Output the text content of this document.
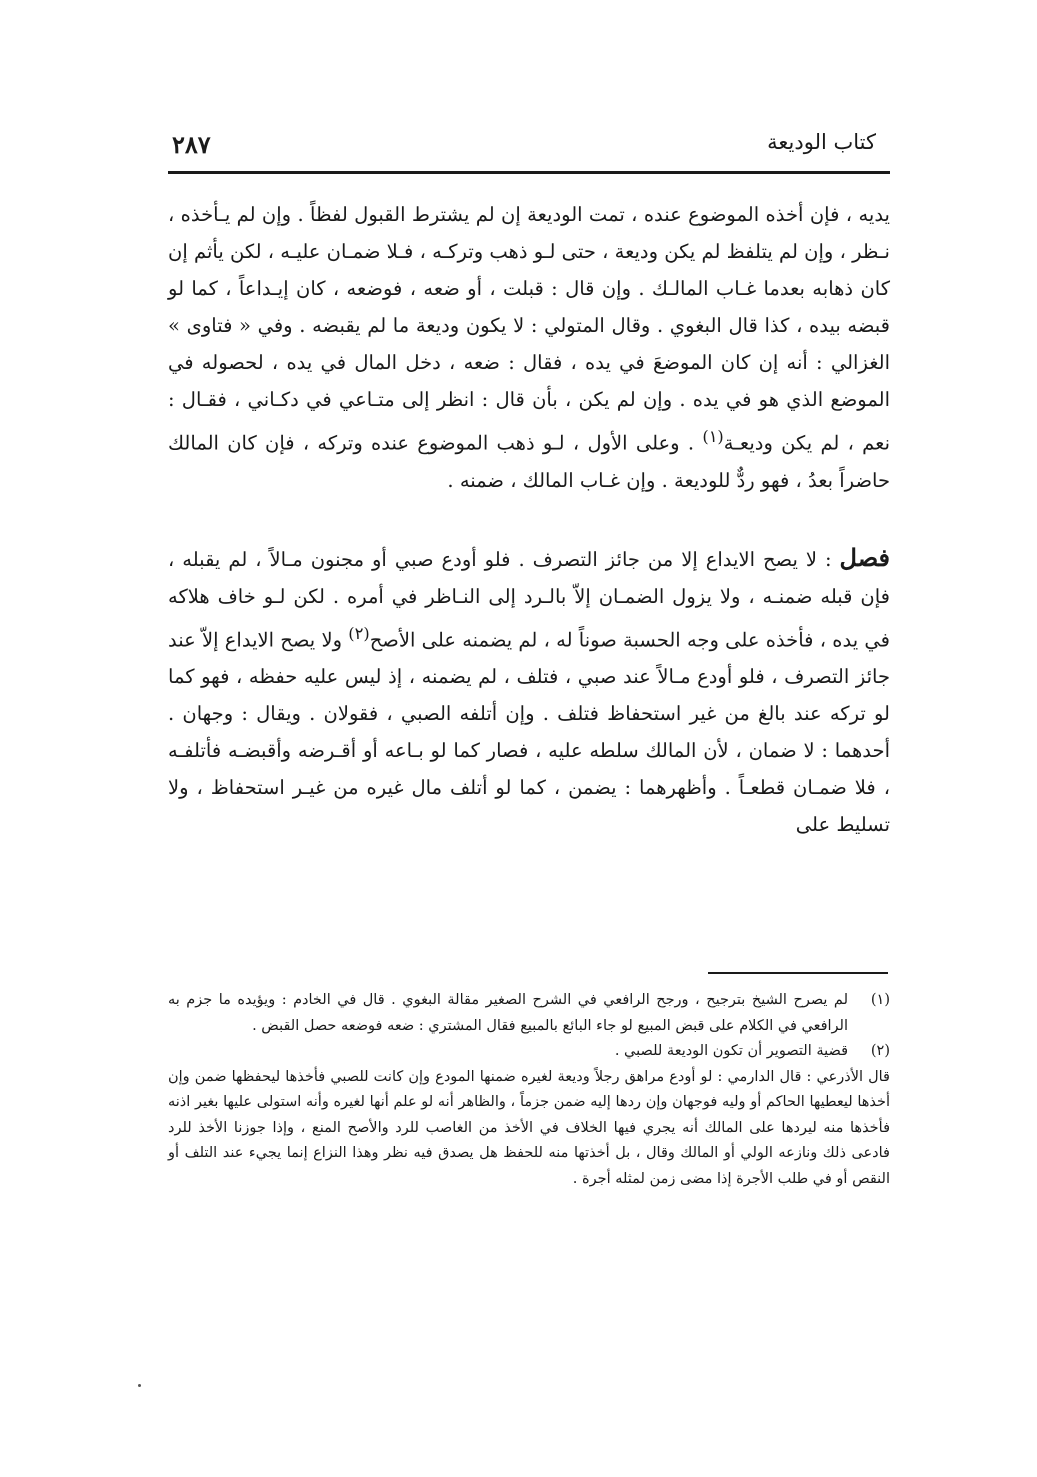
كتاب الوديعة
٢٨٧

يديه ، فإن أخذه الموضوع عنده ، تمت الوديعة إن لم يشترط القبول لفظاً . وإن لم يـأخذه ، نـظر ، وإن لم يتلفظ لم يكن وديعة ، حتى لـو ذهب وتركـه ، فـلا ضمـان عليـه ، لكن يأثم إن كان ذهابه بعدما غـاب المالـك . وإن قال : قبلت ، أو ضعه ، فوضعه ، كان إيـداعاً ، كما لو قبضه بيده ، كذا قال البغوي . وقال المتولي : لا يكون وديعة ما لم يقبضه . وفي « فتاوى » الغزالي : أنه إن كان الموضعَ في يده ، فقال : ضعه ، دخل المال في يده ، لحصوله في الموضع الذي هو في يده . وإن لم يكن ، بأن قال : انظر إلى متـاعي في دكـاني ، فقـال : نعم ، لم يكن وديعـة$^{(١)}$ . وعلى الأول ، لـو ذهب الموضوع عنده وتركه ، فإن كان المالك حاضراً بعدُ ، فهو ردٌّ للوديعة . وإن غـاب المالك ، ضمنه .

فصل : لا يصح الايداع إلا من جائز التصرف . فلو أودع صبي أو مجنون مـالاً ، لم يقبله ، فإن قبله ضمنـه ، ولا يزول الضمـان إلاّ بالـرد إلى النـاظر في أمره . لكن لـو خاف هلاكه في يده ، فأخذه على وجه الحسبة صوناً له ، لم يضمنه على الأصح$^{(٢)}$ ولا يصح الايداع إلاّ عند جائز التصرف ، فلو أودع مـالاً عند صبي ، فتلف ، لم يضمنه ، إذ ليس عليه حفظه ، فهو كما لو تركه عند بالغ من غير استحفاظ فتلف . وإن أتلفه الصبي ، فقولان . ويقال : وجهان . أحدهما : لا ضمان ، لأن المالك سلطه عليه ، فصار كما لو بـاعه أو أقـرضه وأقبضـه فأتلفـه ، فلا ضمـان قطعـاً . وأظهرهما : يضمن ، كما لو أتلف مال غيره من غيـر استحفاظ ، ولا تسليط على

(١)
لم يصرح الشيخ بترجيح ، ورجح الرافعي في الشرح الصغير مقالة البغوي . قال في الخادم : ويؤيده ما جزم به الرافعي في الكلام على قبض المبيع لو جاء البائع بالمبيع فقال المشتري : ضعه فوضعه حصل القبض .
(٢)
قضية التصوير أن تكون الوديعة للصبي .

قال الأذرعي : قال الدارمي : لو أودع مراهق رجلاً وديعة لغيره ضمنها المودع وإن كانت للصبي فأخذها ليحفظها ضمن وإن أخذها ليعطيها الحاكم أو وليه فوجهان وإن ردها إليه ضمن جزماً ، والظاهر أنه لو علم أنها لغيره وأنه استولى عليها بغير اذنه فأخذها منه ليردها على المالك أنه يجري فيها الخلاف في الأخذ من الغاصب للرد والأصح المنع ، وإذا جوزنا الأخذ للرد فادعى ذلك ونازعه الولي أو المالك وقال ، بل أخذتها منه للحفظ هل يصدق فيه نظر وهذا النزاع إنما يجيء عند التلف أو النقص أو في طلب الأجرة إذا مضى زمن لمثله أجرة .
